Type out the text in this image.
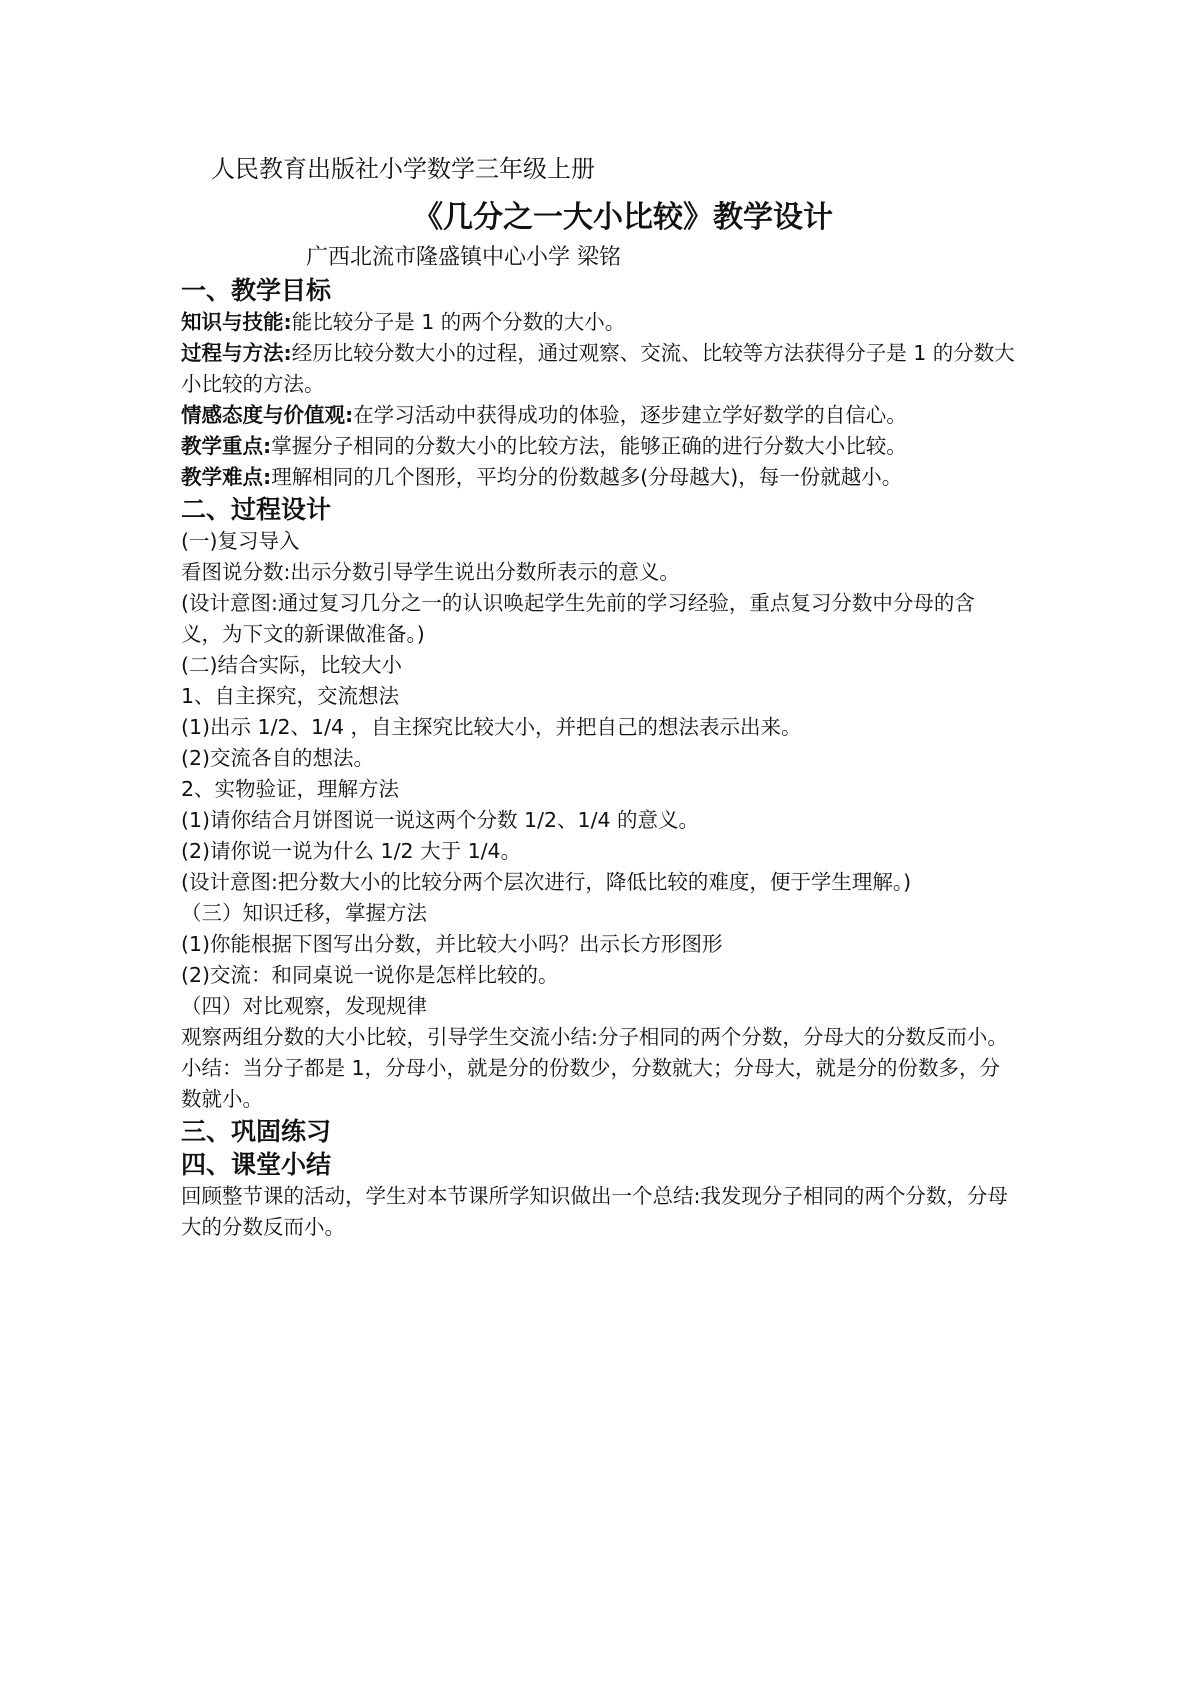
人民教育出版社小学数学三年级上册
《几分之一大小比较》教学设计
广西北流市隆盛镇中心小学 梁铭
一、教学目标
知识与技能:能比较分子是 1 的两个分数的大小。
过程与方法:经历比较分数大小的过程，通过观察、交流、比较等方法获得分子是 1 的分数大小比较的方法。
情感态度与价值观:在学习活动中获得成功的体验，逐步建立学好数学的自信心。
教学重点:掌握分子相同的分数大小的比较方法，能够正确的进行分数大小比较。
教学难点:理解相同的几个图形，平均分的份数越多(分母越大)，每一份就越小。
二、过程设计
(一)复习导入
看图说分数:出示分数引导学生说出分数所表示的意义。
(设计意图:通过复习几分之一的认识唤起学生先前的学习经验，重点复习分数中分母的含义，为下文的新课做准备。)
(二)结合实际，比较大小
1、自主探究，交流想法
(1)出示 1/2、1/4 ，自主探究比较大小，并把自己的想法表示出来。
(2)交流各自的想法。
2、实物验证，理解方法
(1)请你结合月饼图说一说这两个分数 1/2、1/4 的意义。
(2)请你说一说为什么 1/2 大于 1/4。
(设计意图:把分数大小的比较分两个层次进行，降低比较的难度，便于学生理解。)
（三）知识迁移，掌握方法
(1)你能根据下图写出分数，并比较大小吗？出示长方形图形
(2)交流：和同桌说一说你是怎样比较的。
（四）对比观察，发现规律
观察两组分数的大小比较，引导学生交流小结:分子相同的两个分数，分母大的分数反而小。
小结：当分子都是 1，分母小，就是分的份数少，分数就大；分母大，就是分的份数多，分数就小。
三、巩固练习
四、课堂小结
回顾整节课的活动，学生对本节课所学知识做出一个总结:我发现分子相同的两个分数，分母大的分数反而小。
